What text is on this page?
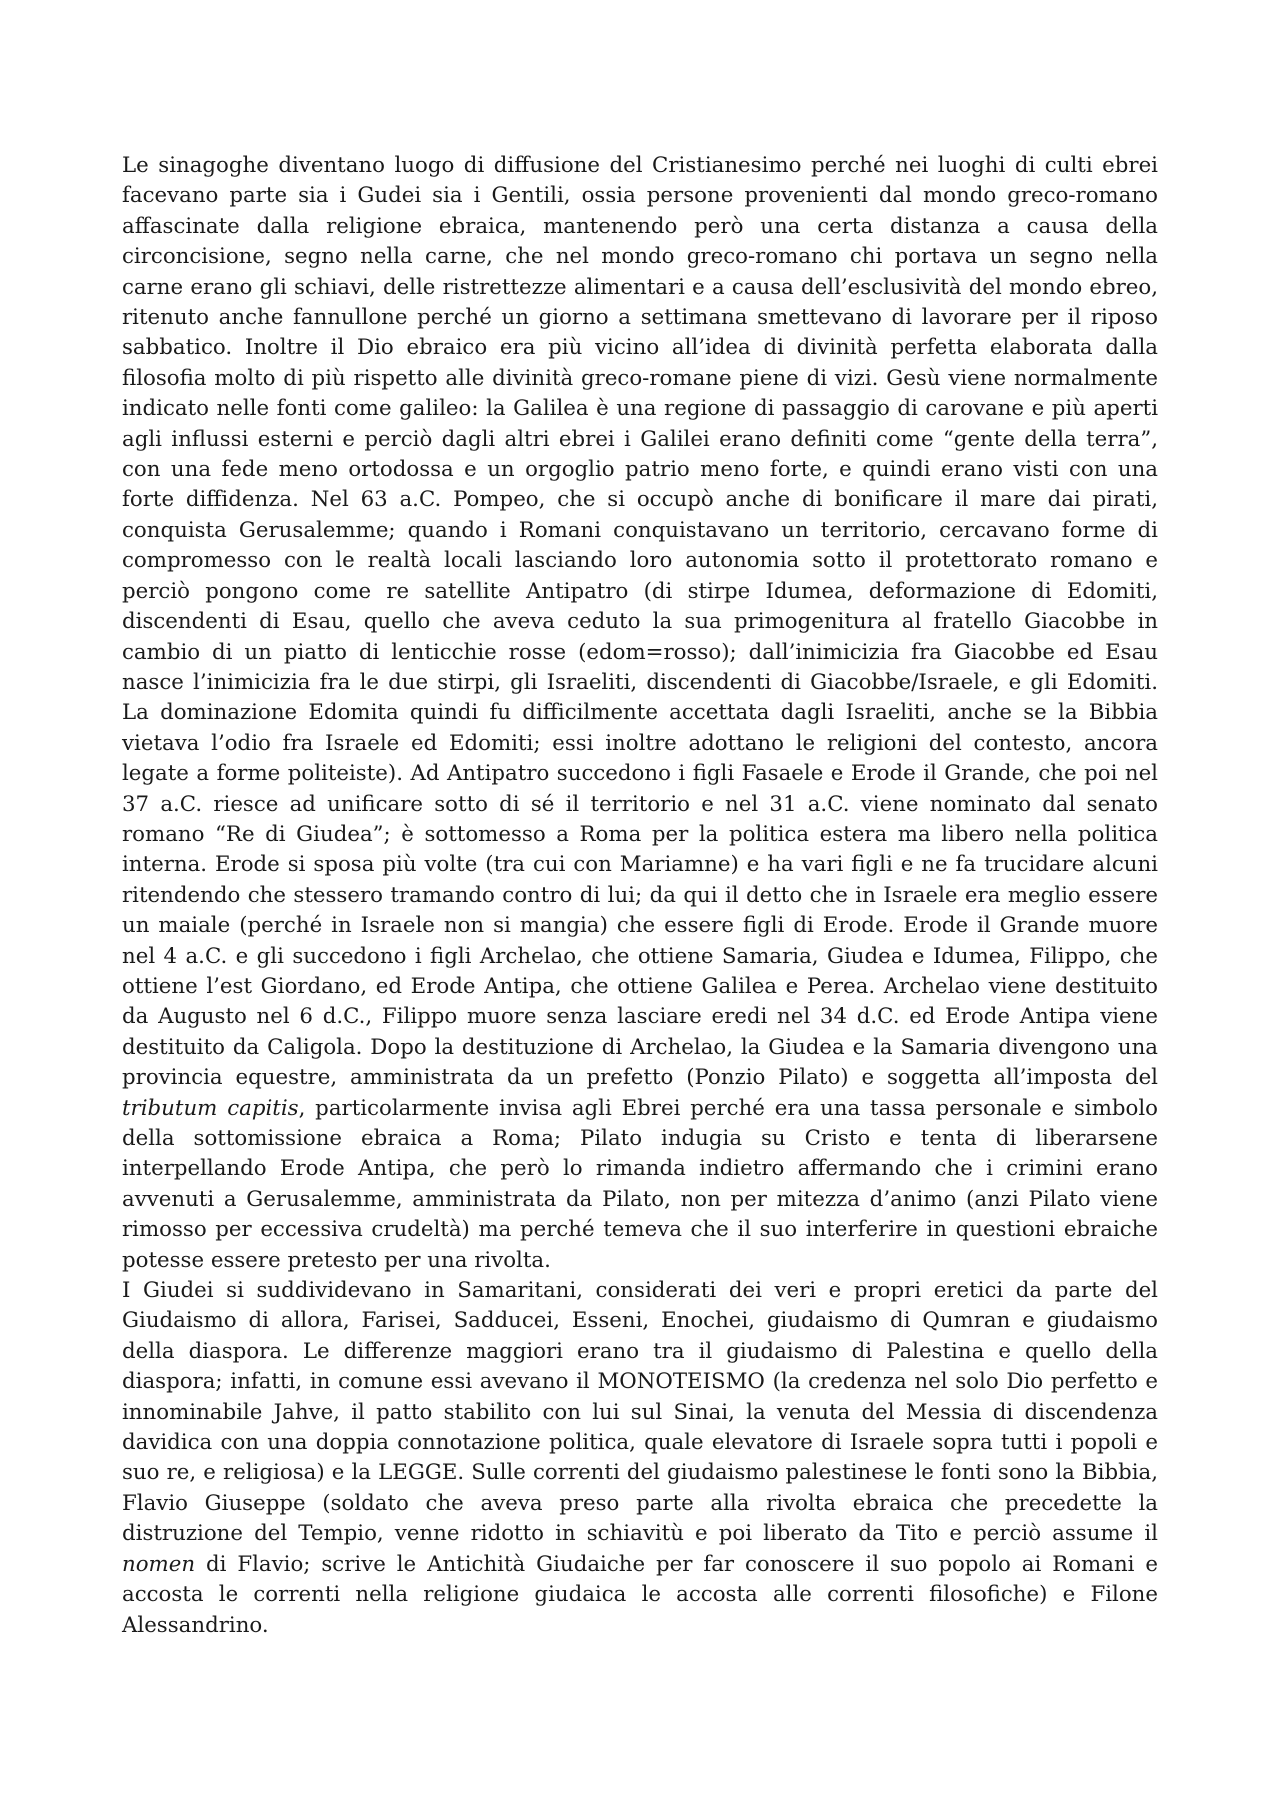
Le sinagoghe diventano luogo di diffusione del Cristianesimo perché nei luoghi di culti ebrei facevano parte sia i Gudei sia i Gentili, ossia persone provenienti dal mondo greco-romano affascinate dalla religione ebraica, mantenendo però una certa distanza a causa della circoncisione, segno nella carne, che nel mondo greco-romano chi portava un segno nella carne erano gli schiavi, delle ristrettezze alimentari e a causa dell’esclusività del mondo ebreo, ritenuto anche fannullone perché un giorno a settimana smettevano di lavorare per il riposo sabbatico. Inoltre il Dio ebraico era più vicino all’idea di divinità perfetta elaborata dalla filosofia molto di più rispetto alle divinità greco-romane piene di vizi. Gesù viene normalmente indicato nelle fonti come galileo: la Galilea è una regione di passaggio di carovane e più aperti agli influssi esterni e perciò dagli altri ebrei i Galilei erano definiti come “gente della terra”, con una fede meno ortodossa e un orgoglio patrio meno forte, e quindi erano visti con una forte diffidenza. Nel 63 a.C. Pompeo, che si occupò anche di bonificare il mare dai pirati, conquista Gerusalemme; quando i Romani conquistavano un territorio, cercavano forme di compromesso con le realtà locali lasciando loro autonomia sotto il protettorato romano e perciò pongono come re satellite Antipatro (di stirpe Idumea, deformazione di Edomiti, discendenti di Esau, quello che aveva ceduto la sua primogenitura al fratello Giacobbe in cambio di un piatto di lenticchie rosse (edom=rosso); dall’inimicizia fra Giacobbe ed Esau nasce l’inimicizia fra le due stirpi, gli Israeliti, discendenti di Giacobbe/Israele, e gli Edomiti. La dominazione Edomita quindi fu difficilmente accettata dagli Israeliti, anche se la Bibbia vietava l’odio fra Israele ed Edomiti; essi inoltre adottano le religioni del contesto, ancora legate a forme politeiste). Ad Antipatro succedono i figli Fasaele e Erode il Grande, che poi nel 37 a.C. riesce ad unificare sotto di sé il territorio e nel 31 a.C. viene nominato dal senato romano “Re di Giudea”; è sottomesso a Roma per la politica estera ma libero nella politica interna. Erode si sposa più volte (tra cui con Mariamne) e ha vari figli e ne fa trucidare alcuni ritendendo che stessero tramando contro di lui; da qui il detto che in Israele era meglio essere un maiale (perché in Israele non si mangia) che essere figli di Erode. Erode il Grande muore nel 4 a.C. e gli succedono i figli Archelao, che ottiene Samaria, Giudea e Idumea, Filippo, che ottiene l’est Giordano, ed Erode Antipa, che ottiene Galilea e Perea. Archelao viene destituito da Augusto nel 6 d.C., Filippo muore senza lasciare eredi nel 34 d.C. ed Erode Antipa viene destituito da Caligola. Dopo la destituzione di Archelao, la Giudea e la Samaria divengono una provincia equestre, amministrata da un prefetto (Ponzio Pilato) e soggetta all’imposta del tributum capitis, particolarmente invisa agli Ebrei perché era una tassa personale e simbolo della sottomissione ebraica a Roma; Pilato indugia su Cristo e tenta di liberarsene interpellando Erode Antipa, che però lo rimanda indietro affermando che i crimini erano avvenuti a Gerusalemme, amministrata da Pilato, non per mitezza d’animo (anzi Pilato viene rimosso per eccessiva crudeltà) ma perché temeva che il suo interferire in questioni ebraiche potesse essere pretesto per una rivolta.

I Giudei si suddividevano in Samaritani, considerati dei veri e propri eretici da parte del Giudaismo di allora, Farisei, Sadducei, Esseni, Enochei, giudaismo di Qumran e giudaismo della diaspora. Le differenze maggiori erano tra il giudaismo di Palestina e quello della diaspora; infatti, in comune essi avevano il MONOTEISMO (la credenza nel solo Dio perfetto e innominabile Jahve, il patto stabilito con lui sul Sinai, la venuta del Messia di discendenza davidica con una doppia connotazione politica, quale elevatore di Israele sopra tutti i popoli e suo re, e religiosa) e la LEGGE. Sulle correnti del giudaismo palestinese le fonti sono la Bibbia, Flavio Giuseppe (soldato che aveva preso parte alla rivolta ebraica che precedette la distruzione del Tempio, venne ridotto in schiavitù e poi liberato da Tito e perciò assume il nomen di Flavio; scrive le Antichità Giudaiche per far conoscere il suo popolo ai Romani e accosta le correnti nella religione giudaica le accosta alle correnti filosofiche) e Filone Alessandrino.
